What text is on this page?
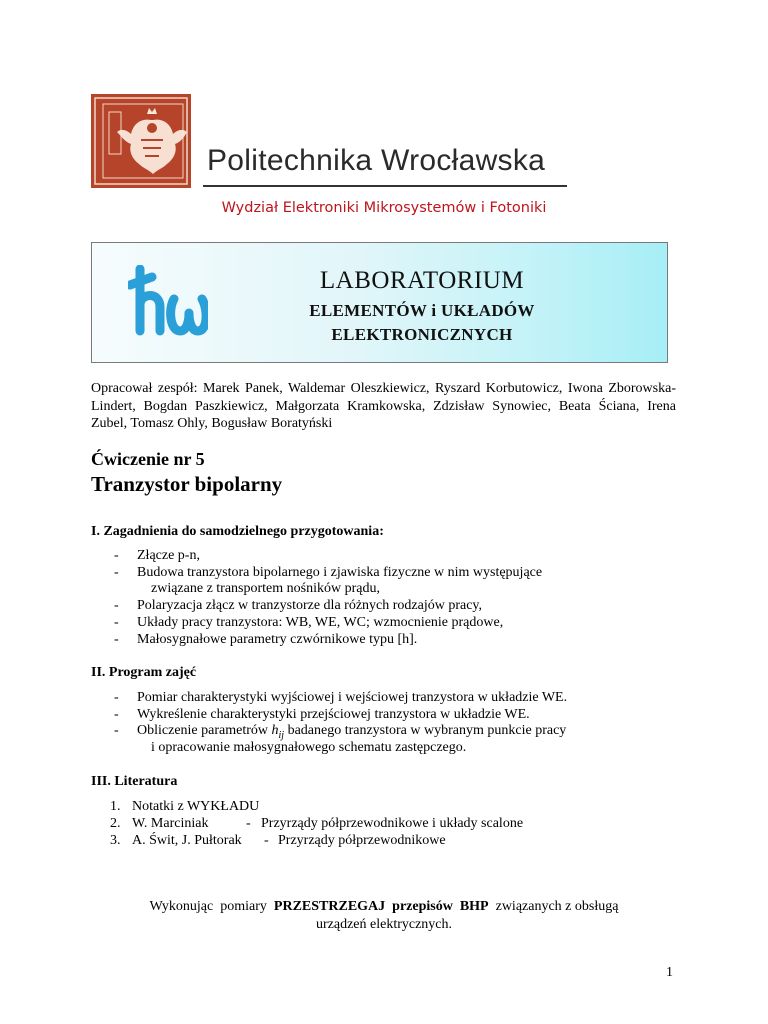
Politechnika Wrocławska
Wydział Elektroniki Mikrosystemów i Fotoniki
LABORATORIUM
ELEMENTÓW i UKŁADÓW
ELEKTRONICZNYCH
Opracował zespół: Marek Panek, Waldemar Oleszkiewicz, Ryszard Korbutowicz, Iwona Zborowska-Lindert, Bogdan Paszkiewicz, Małgorzata Kramkowska, Zdzisław Synowiec, Beata Ściana, Irena Zubel, Tomasz Ohly, Bogusław Boratyński
Ćwiczenie nr 5
Tranzystor bipolarny
I. Zagadnienia do samodzielnego przygotowania:
- Złącze p-n,
- Budowa tranzystora bipolarnego i zjawiska fizyczne w nim występujące
związane z transportem nośników prądu,
- Polaryzacja złącz w tranzystorze dla różnych rodzajów pracy,
- Układy pracy tranzystora: WB, WE, WC; wzmocnienie prądowe,
- Małosygnałowe parametry czwórnikowe typu [h].
II. Program zajęć
- Pomiar charakterystyki wyjściowej i wejściowej tranzystora w układzie WE.
- Wykreślenie charakterystyki przejściowej tranzystora w układzie WE.
- Obliczenie parametrów $h_{ij}$ badanego tranzystora w wybranym punkcie pracy
i opracowanie małosygnałowego schematu zastępczego.
III. Literatura
1. Notatki z WYKŁADU
2. W. Marciniak	- Przyrządy półprzewodnikowe i układy scalone
3. A. Świt, J. Pułtorak - Przyrządy półprzewodnikowe
Wykonując  pomiary  PRZESTRZEGAJ  przepisów  BHP  związanych z obsługą
urządzeń elektrycznych.
1
